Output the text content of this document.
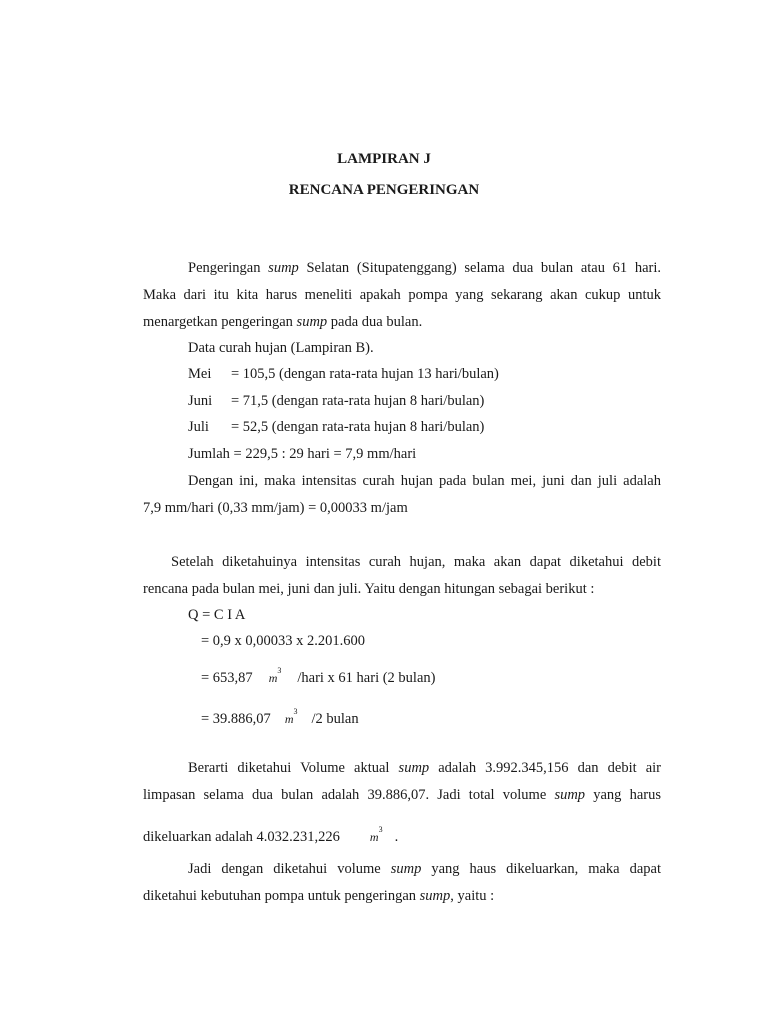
LAMPIRAN J
RENCANA PENGERINGAN
Pengeringan sump Selatan (Situpatenggang) selama dua bulan atau 61 hari.
Maka dari itu kita harus meneliti apakah pompa yang sekarang akan cukup untuk
menargetkan pengeringan sump pada dua bulan.
Data curah hujan (Lampiran B).
Mei = 105,5 (dengan rata-rata hujan 13 hari/bulan)
Juni = 71,5 (dengan rata-rata hujan 8 hari/bulan)
Juli = 52,5 (dengan rata-rata hujan 8 hari/bulan)
Jumlah = 229,5 : 29 hari = 7,9 mm/hari
Dengan ini, maka intensitas curah hujan pada bulan mei, juni dan juli adalah
7,9 mm/hari (0,33 mm/jam) = 0,00033 m/jam
Setelah diketahuinya intensitas curah hujan, maka akan dapat diketahui debit
rencana pada bulan mei, juni dan juli. Yaitu dengan hitungan sebagai berikut :
Q = C I A
= 0,9 x 0,00033 x 2.201.600
= 653,87 $m^3$ /hari x 61 hari (2 bulan)
= 39.886,07 $m^3$ /2 bulan
Berarti diketahui Volume aktual sump adalah 3.992.345,156 dan debit air
limpasan selama dua bulan adalah 39.886,07. Jadi total volume sump yang harus
dikeluarkan adalah 4.032.231,226	$m^3$ .
Jadi dengan diketahui volume sump yang haus dikeluarkan, maka dapat
diketahui kebutuhan pompa untuk pengeringan sump, yaitu :
